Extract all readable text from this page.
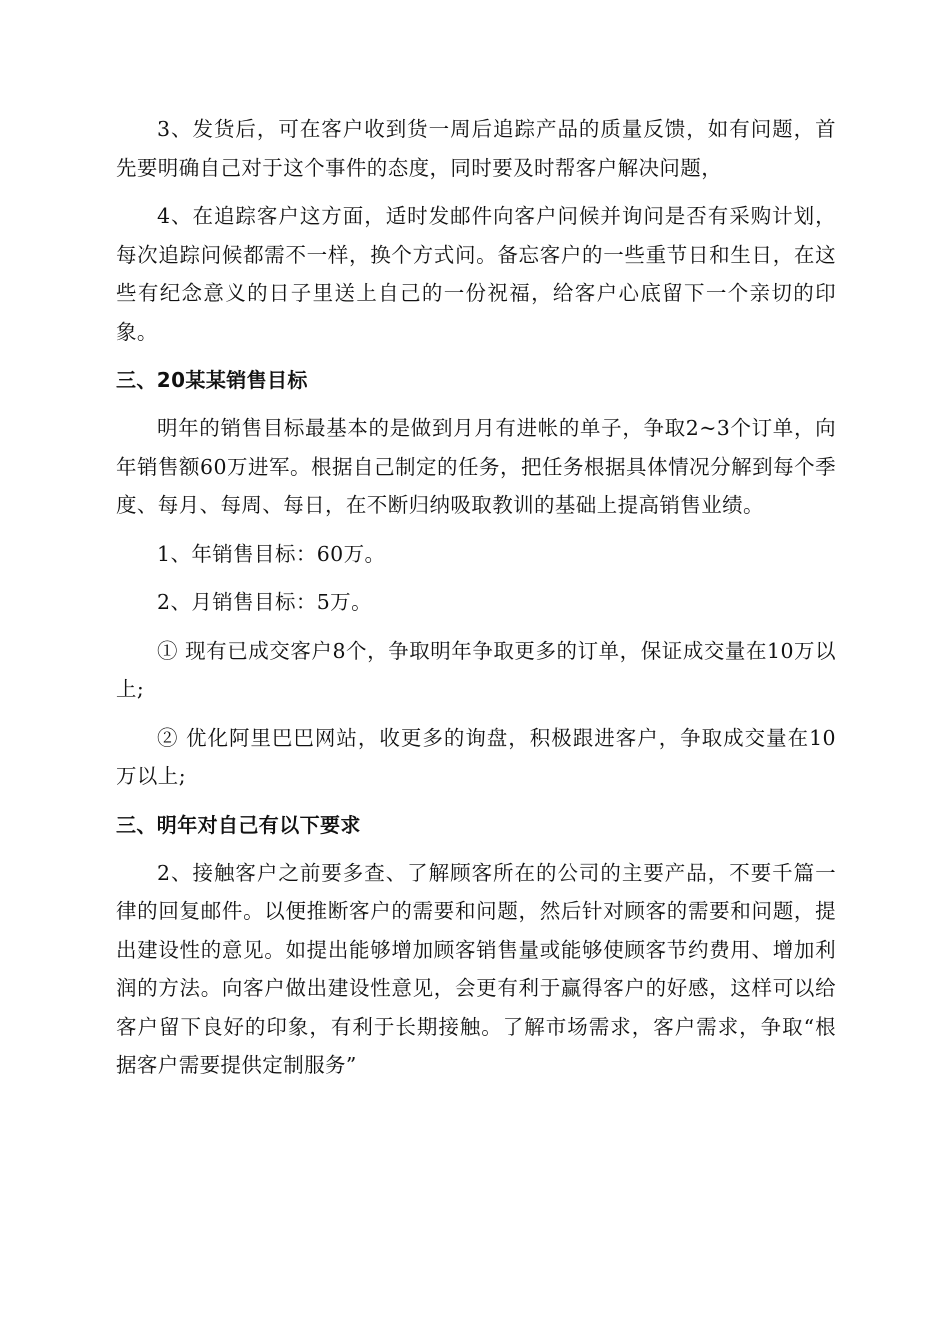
3、发货后，可在客户收到货一周后追踪产品的质量反馈，如有问题，首先要明确自己对于这个事件的态度，同时要及时帮客户解决问题，

4、在追踪客户这方面，适时发邮件向客户问候并询问是否有采购计划，每次追踪问候都需不一样，换个方式问。备忘客户的一些重节日和生日，在这些有纪念意义的日子里送上自己的一份祝福，给客户心底留下一个亲切的印象。

三、20某某销售目标

明年的销售目标最基本的是做到月月有进帐的单子，争取2~3个订单，向年销售额60万进军。根据自己制定的任务，把任务根据具体情况分解到每个季度、每月、每周、每日，在不断归纳吸取教训的基础上提高销售业绩。

1、年销售目标：60万。

2、月销售目标：5万。

① 现有已成交客户8个，争取明年争取更多的订单，保证成交量在10万以上;

② 优化阿里巴巴网站，收更多的询盘，积极跟进客户，争取成交量在10万以上;

三、明年对自己有以下要求

2、接触客户之前要多查、了解顾客所在的公司的主要产品，不要千篇一律的回复邮件。以便推断客户的需要和问题，然后针对顾客的需要和问题，提出建设性的意见。如提出能够增加顾客销售量或能够使顾客节约费用、增加利润的方法。向客户做出建设性意见，会更有利于赢得客户的好感，这样可以给客户留下良好的印象，有利于长期接触。了解市场需求，客户需求，争取“根据客户需要提供定制服务”
